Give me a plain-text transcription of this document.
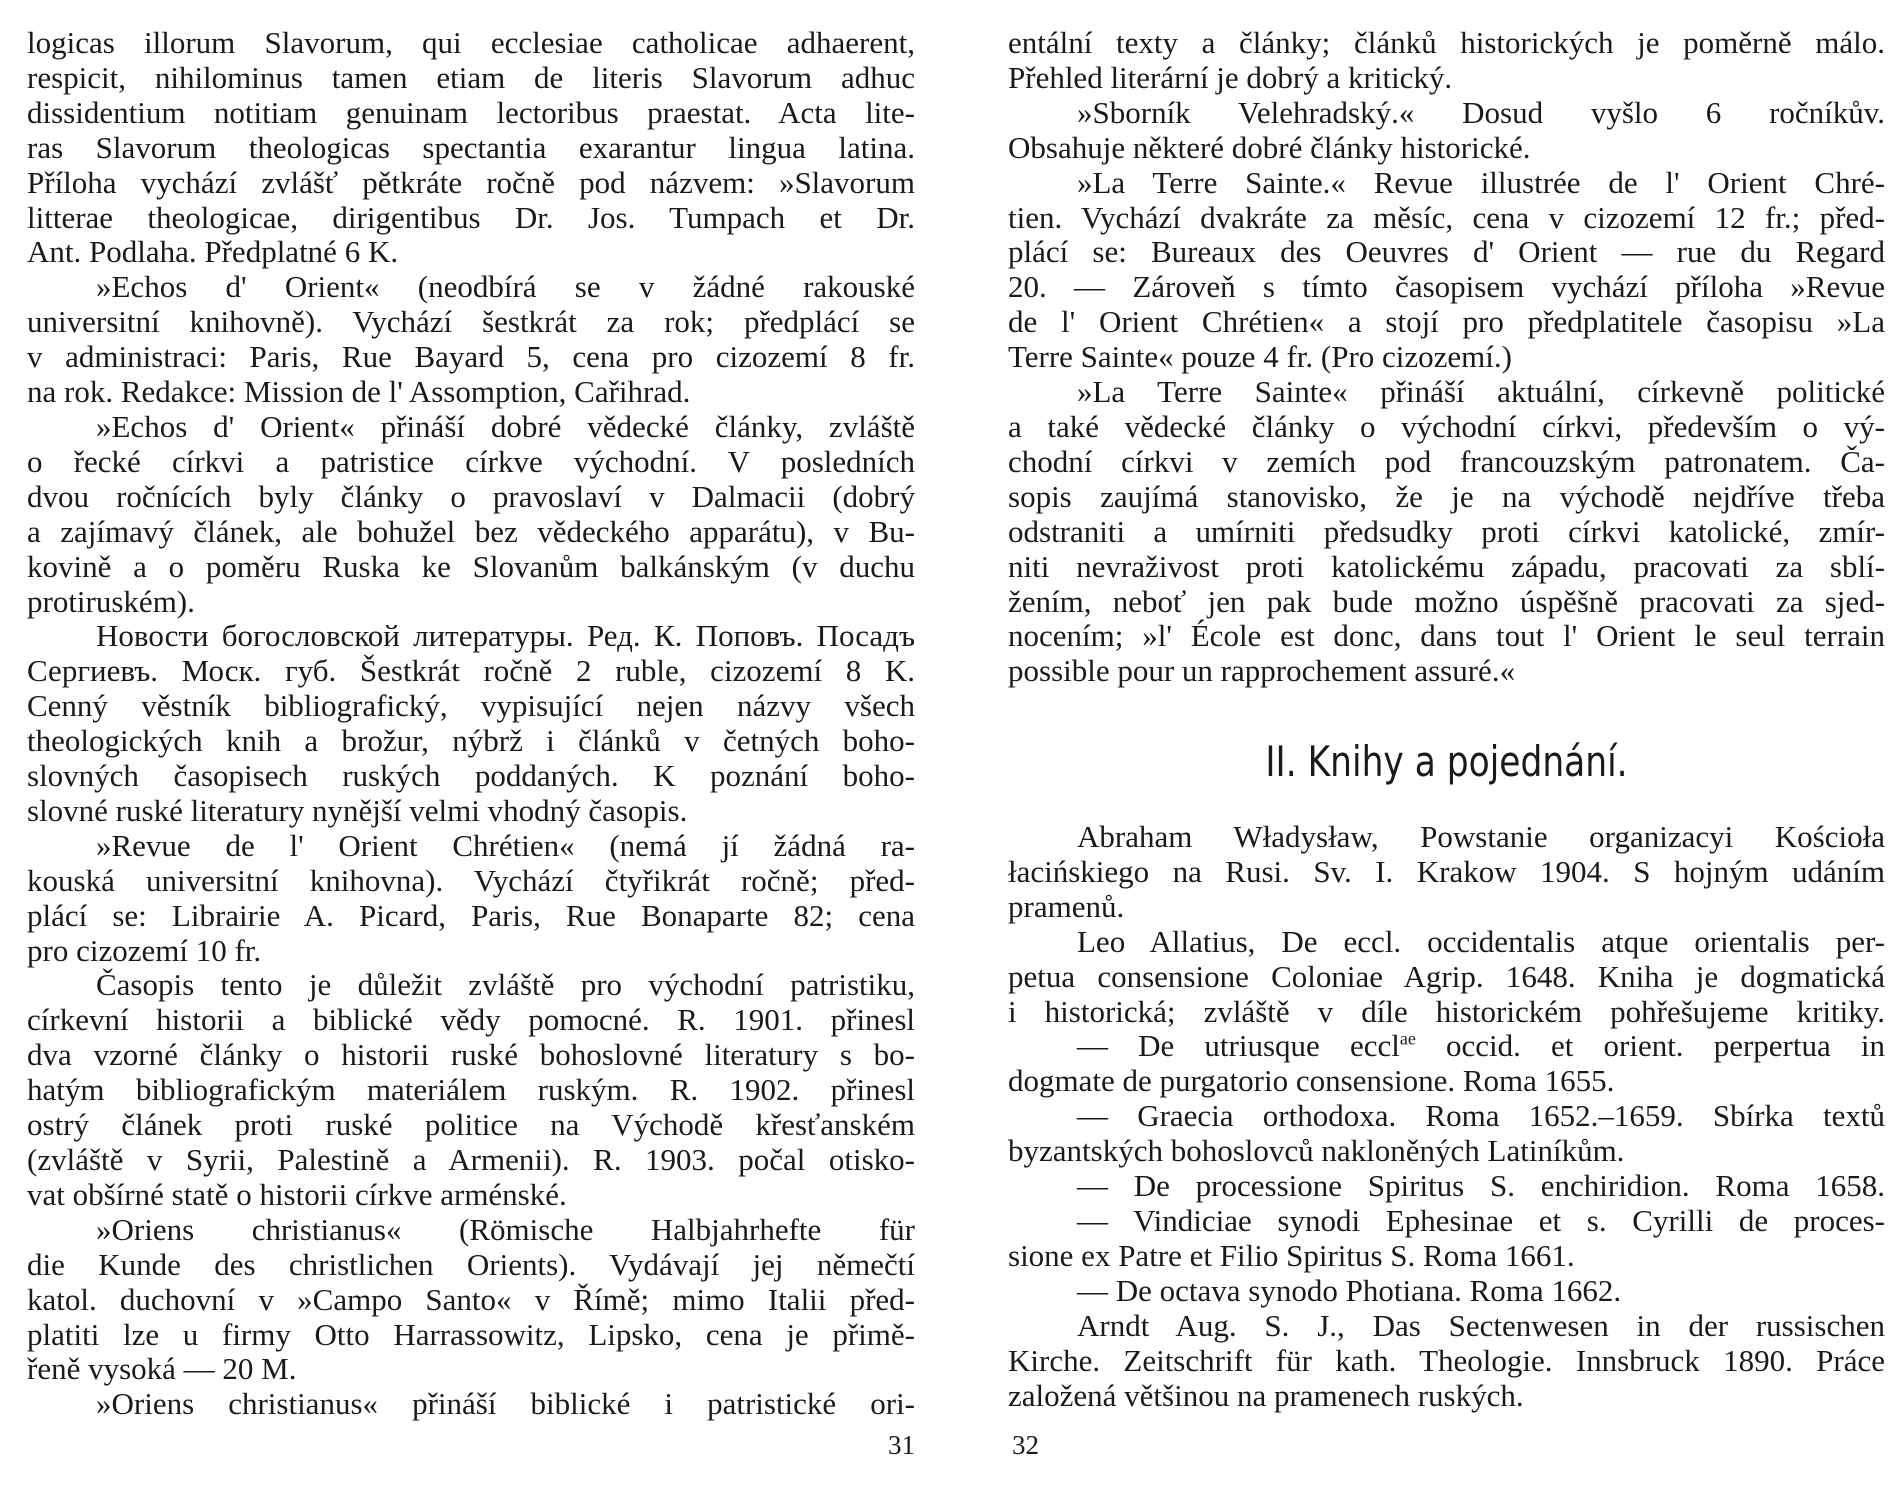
logicas illorum Slavorum, qui ecclesiae catholicae adhaerent,
respicit, nihilominus tamen etiam de literis Slavorum adhuc
dissidentium notitiam genuinam lectoribus praestat. Acta lite-
ras Slavorum theologicas spectantia exarantur lingua latina.
Příloha vychází zvlášť pětkráte ročně pod názvem: »Slavorum
litterae theologicae, dirigentibus Dr. Jos. Tumpach et Dr.
Ant. Podlaha. Předplatné 6 K.
»Echos d' Orient« (neodbírá se v žádné rakouské
universitní knihovně). Vychází šestkrát za rok; předplácí se
v administraci: Paris, Rue Bayard 5, cena pro cizozemí 8 fr.
na rok. Redakce: Mission de l' Assomption, Cařihrad.
»Echos d' Orient« přináší dobré vědecké články, zvláště
o řecké církvi a patristice církve východní. V posledních
dvou ročnících byly články o pravoslaví v Dalmacii (dobrý
a zajímavý článek, ale bohužel bez vědeckého apparátu), v Bu-
kovině a o poměru Ruska ke Slovanům balkánským (v duchu
protiruském).
Новости богословской литературы. Ред. К. Поповъ. Посадъ
Сергиевъ. Моск. губ. Šestkrát ročně 2 ruble, cizozemí 8 K.
Cenný věstník bibliografický, vypisující nejen názvy všech
theologických knih a brožur, nýbrž i článků v četných boho-
slovných časopisech ruských poddaných. K poznání boho-
slovné ruské literatury nynější velmi vhodný časopis.
»Revue de l' Orient Chrétien« (nemá jí žádná ra-
kouská universitní knihovna). Vychází čtyřikrát ročně; před-
plácí se: Librairie A. Picard, Paris, Rue Bonaparte 82; cena
pro cizozemí 10 fr.
Časopis tento je důležit zvláště pro východní patristiku,
církevní historii a biblické vědy pomocné. R. 1901. přinesl
dva vzorné články o historii ruské bohoslovné literatury s bo-
hatým bibliografickým materiálem ruským. R. 1902. přinesl
ostrý článek proti ruské politice na Východě křesťanském
(zvláště v Syrii, Palestině a Armenii). R. 1903. počal otisko-
vat obšírné statě o historii církve arménské.
»Oriens christianus« (Römische Halbjahrhefte für
die Kunde des christlichen Orients). Vydávají jej němečtí
katol. duchovní v »Campo Santo« v Římě; mimo Italii před-
platiti lze u firmy Otto Harrassowitz, Lipsko, cena je přimě-
řeně vysoká — 20 M.
»Oriens christianus« přináší biblické i patristické ori-
31
entální texty a články; článků historických je poměrně málo.
Přehled literární je dobrý a kritický.
»Sborník Velehradský.« Dosud vyšlo 6 ročníkův.
Obsahuje některé dobré články historické.
»La Terre Sainte.« Revue illustrée de l' Orient Chré-
tien. Vychází dvakráte za měsíc, cena v cizozemí 12 fr.; před-
plácí se: Bureaux des Oeuvres d' Orient — rue du Regard
20. — Zároveň s tímto časopisem vychází příloha »Revue
de l' Orient Chrétien« a stojí pro předplatitele časopisu »La
Terre Sainte« pouze 4 fr. (Pro cizozemí.)
»La Terre Sainte« přináší aktuální, církevně politické
a také vědecké články o východní církvi, především o vý-
chodní církvi v zemích pod francouzským patronatem. Ča-
sopis zaujímá stanovisko, že je na východě nejdříve třeba
odstraniti a umírniti předsudky proti církvi katolické, zmír-
niti nevraživost proti katolickému západu, pracovati za sblí-
žením, neboť jen pak bude možno úspěšně pracovati za sjed-
nocením; »l' École est donc, dans tout l' Orient le seul terrain
possible pour un rapprochement assuré.«
II. Knihy a pojednání.
Abraham Władysław, Powstanie organizacyi Kościoła
łacińskiego na Rusi. Sv. I. Krakow 1904. S hojným udáním
pramenů.
Leo Allatius, De eccl. occidentalis atque orientalis per-
petua consensione Coloniae Agrip. 1648. Kniha je dogmatická
i historická; zvláště v díle historickém pohřešujeme kritiky.
— De utriusque eccl$^{ae}$ occid. et orient. perpertua in
dogmate de purgatorio consensione. Roma 1655.
— Graecia orthodoxa. Roma 1652.–1659. Sbírka textů
byzantských bohoslovců nakloněných Latiníkům.
— De processione Spiritus S. enchiridion. Roma 1658.
— Vindiciae synodi Ephesinae et s. Cyrilli de proces-
sione ex Patre et Filio Spiritus S. Roma 1661.
— De octava synodo Photiana. Roma 1662.
Arndt Aug. S. J., Das Sectenwesen in der russischen
Kirche. Zeitschrift für kath. Theologie. Innsbruck 1890. Práce
založená většinou na pramenech ruských.
32
